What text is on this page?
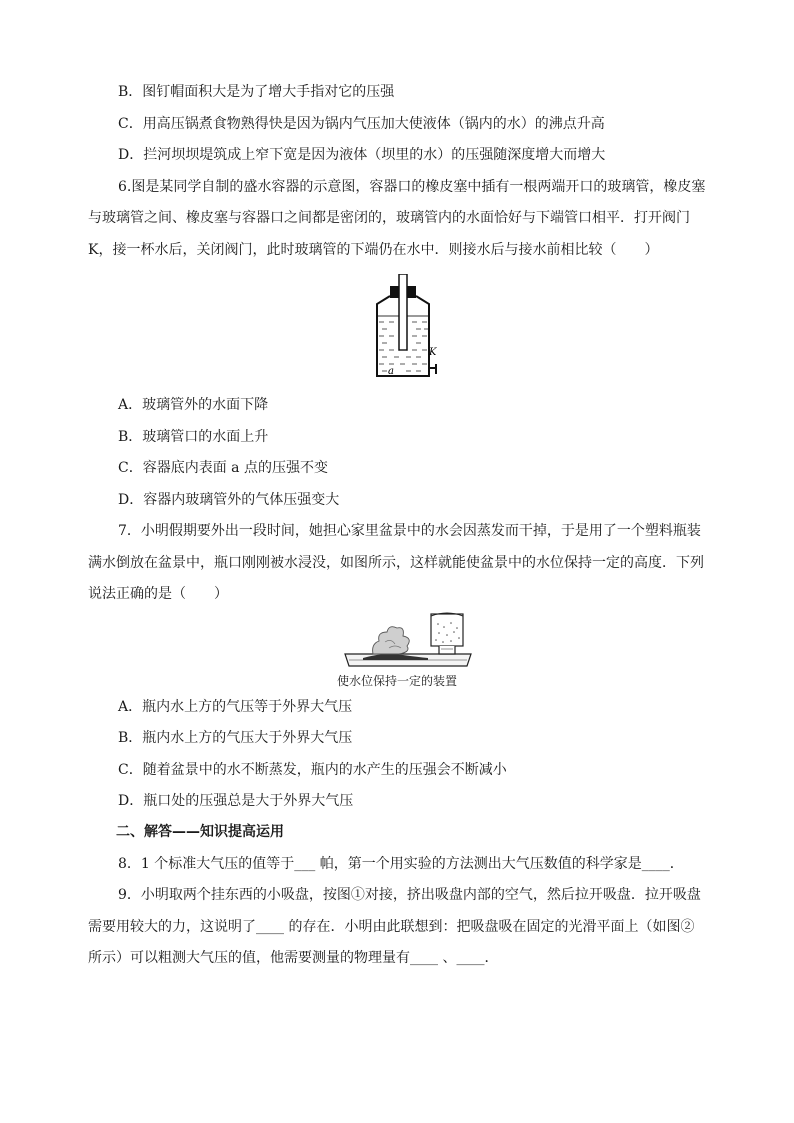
B．图钉帽面积大是为了增大手指对它的压强
C．用高压锅煮食物熟得快是因为锅内气压加大使液体（锅内的水）的沸点升高
D．拦河坝坝堤筑成上窄下宽是因为液体（坝里的水）的压强随深度增大而增大
6.图是某同学自制的盛水容器的示意图，容器口的橡皮塞中插有一根两端开口的玻璃管，橡皮塞
与玻璃管之间、橡皮塞与容器口之间都是密闭的，玻璃管内的水面恰好与下端管口相平．打开阀门
K，接一杯水后，关闭阀门，此时玻璃管的下端仍在水中．则接水后与接水前相比较（　　）
K
a
A．玻璃管外的水面下降
B．玻璃管口的水面上升
C．容器底内表面 a 点的压强不变
D．容器内玻璃管外的气体压强变大
7．小明假期要外出一段时间，她担心家里盆景中的水会因蒸发而干掉，于是用了一个塑料瓶装
满水倒放在盆景中，瓶口刚刚被水浸没，如图所示，这样就能使盆景中的水位保持一定的高度．下列
说法正确的是（　　）
使水位保持一定的装置
A．瓶内水上方的气压等于外界大气压
B．瓶内水上方的气压大于外界大气压
C．随着盆景中的水不断蒸发，瓶内的水产生的压强会不断减小
D．瓶口处的压强总是大于外界大气压
二、解答——知识提高运用
8．1 个标准大气压的值等于___ 帕，第一个用实验的方法测出大气压数值的科学家是____．
9．小明取两个挂东西的小吸盘，按图①对接，挤出吸盘内部的空气，然后拉开吸盘．拉开吸盘
需要用较大的力，这说明了____ 的存在．小明由此联想到：把吸盘吸在固定的光滑平面上（如图②
所示）可以粗测大气压的值，他需要测量的物理量有____ 、____．
